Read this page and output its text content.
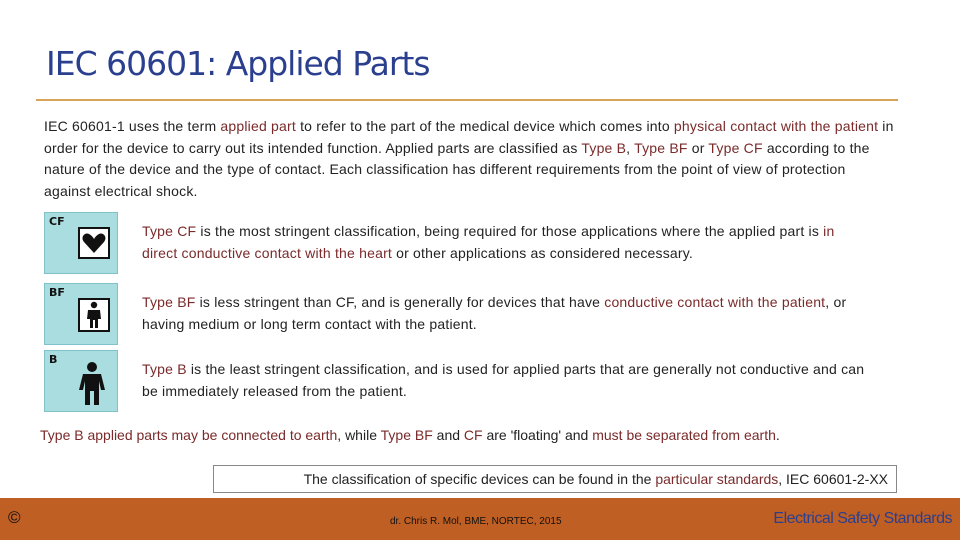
IEC 60601: Applied Parts
IEC 60601-1 uses the term applied part to refer to the part of the medical device which comes into physical contact with the patient in order for the device to carry out its intended function. Applied parts are classified as Type B, Type BF or Type CF according to the nature of the device and the type of contact. Each classification has different requirements from the point of view of protection against electrical shock.
CF
Type CF is the most stringent classification, being required for those applications where the applied part is in direct conductive contact with the heart or other applications as considered necessary.
BF
Type BF is less stringent than CF, and is generally for devices that have conductive contact with the patient, or having medium or long term contact with the patient.
B
Type B is the least stringent classification, and is used for applied parts that are generally not conductive and can be immediately released from the patient.
Type B applied parts may be connected to earth, while Type BF and CF are 'floating' and must be separated from earth.
The classification of specific devices can be found in the particular standards, IEC 60601-2-XX
©	dr. Chris R. Mol, BME, NORTEC, 2015	Electrical Safety Standards
